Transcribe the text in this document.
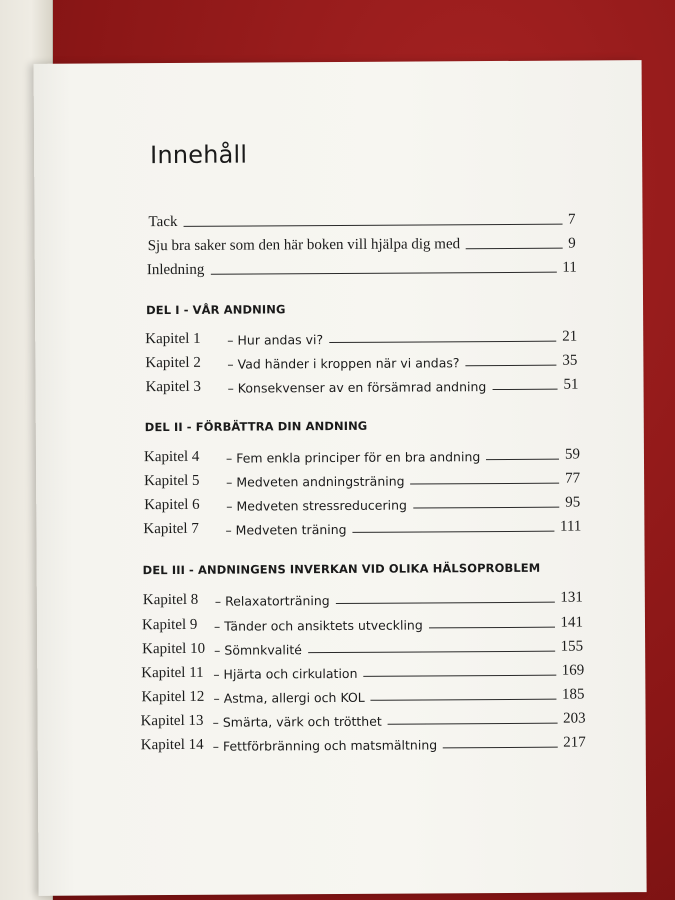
Innehåll
Tack	7
Sju bra saker som den här boken vill hjälpa dig med	9
Inledning	11
DEL I - VÅR ANDNING
Kapitel 1	– Hur andas vi?	21
Kapitel 2	– Vad händer i kroppen när vi andas?	35
Kapitel 3	– Konsekvenser av en försämrad andning	51
DEL II - FÖRBÄTTRA DIN ANDNING
Kapitel 4	– Fem enkla principer för en bra andning	59
Kapitel 5	– Medveten andningsträning	77
Kapitel 6	– Medveten stressreducering	95
Kapitel 7	– Medveten träning	111
DEL III - ANDNINGENS INVERKAN VID OLIKA HÄLSOPROBLEM
Kapitel 8	– Relaxatorträning	131
Kapitel 9	– Tänder och ansiktets utveckling	141
Kapitel 10 – Sömnkvalité	155
Kapitel 11 – Hjärta och cirkulation	169
Kapitel 12 – Astma, allergi och KOL	185
Kapitel 13 – Smärta, värk och trötthet	203
Kapitel 14 – Fettförbränning och matsmältning	217
